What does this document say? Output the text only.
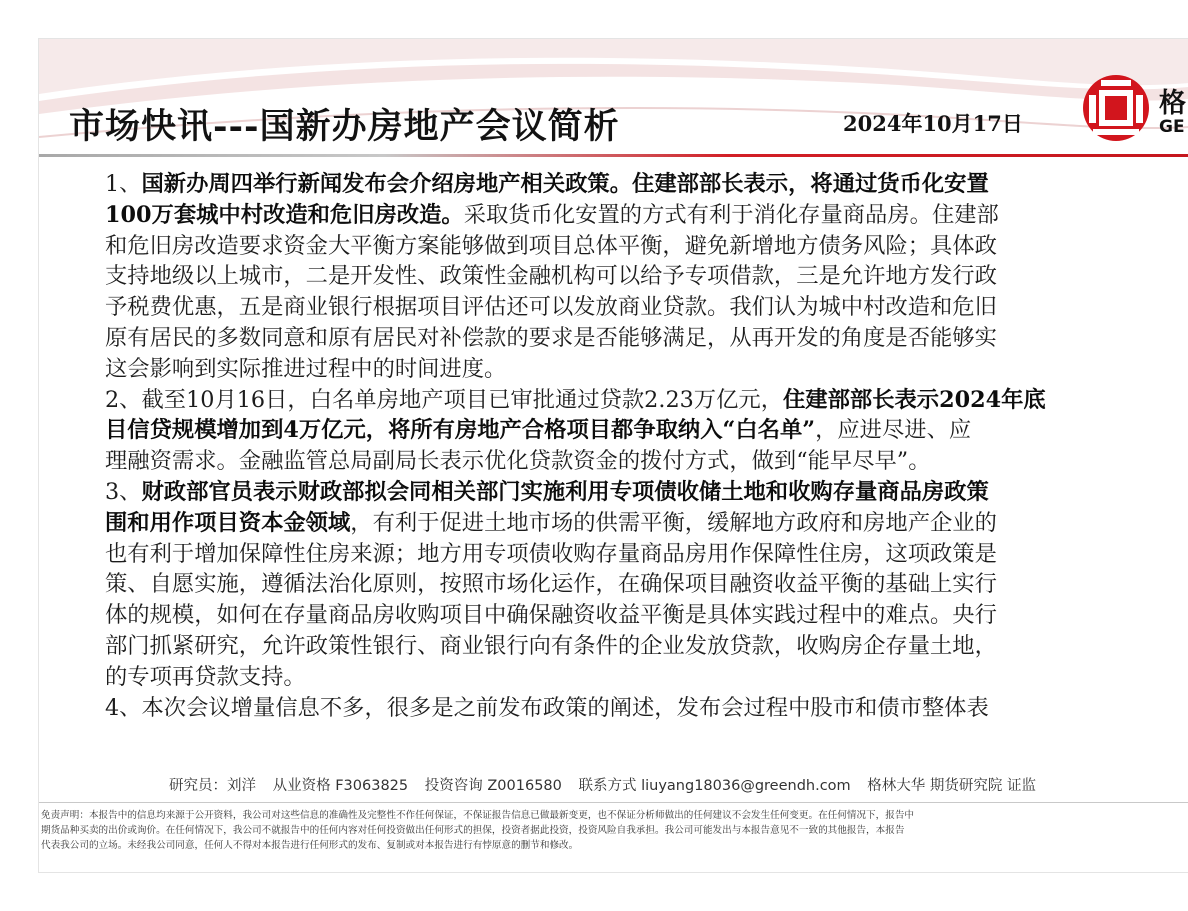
市场快讯---国新办房地产会议简析	2024年10月17日
格
GE

1、国新办周四举行新闻发布会介绍房地产相关政策。住建部部长表示，将通过货币化安置

100万套城中村改造和危旧房改造。采取货币化安置的方式有利于消化存量商品房。住建部

和危旧房改造要求资金大平衡方案能够做到项目总体平衡，避免新增地方债务风险；具体政

支持地级以上城市，二是开发性、政策性金融机构可以给予专项借款，三是允许地方发行政

予税费优惠，五是商业银行根据项目评估还可以发放商业贷款。我们认为城中村改造和危旧

原有居民的多数同意和原有居民对补偿款的要求是否能够满足，从再开发的角度是否能够实

这会影响到实际推进过程中的时间进度。

2、截至10月16日，白名单房地产项目已审批通过贷款2.23万亿元，住建部部长表示2024年底

目信贷规模增加到4万亿元，将所有房地产合格项目都争取纳入“白名单”，应进尽进、应

理融资需求。金融监管总局副局长表示优化贷款资金的拨付方式，做到“能早尽早”。

3、财政部官员表示财政部拟会同相关部门实施利用专项债收储土地和收购存量商品房政策

围和用作项目资本金领域，有利于促进土地市场的供需平衡，缓解地方政府和房地产企业的

也有利于增加保障性住房来源；地方用专项债收购存量商品房用作保障性住房，这项政策是

策、自愿实施，遵循法治化原则，按照市场化运作，在确保项目融资收益平衡的基础上实行

体的规模，如何在存量商品房收购项目中确保融资收益平衡是具体实践过程中的难点。央行

部门抓紧研究，允许政策性银行、商业银行向有条件的企业发放贷款，收购房企存量土地，

的专项再贷款支持。

4、本次会议增量信息不多，很多是之前发布政策的阐述，发布会过程中股市和债市整体表

研究员：刘洋 从业资格 F3063825 投资咨询 Z0016580 联系方式 liuyang18036@greendh.com 格林大华 期货研究院 证监

免责声明：本报告中的信息均来源于公开资料，我公司对这些信息的准确性及完整性不作任何保证，不保证报告信息已做最新变更，也不保证分析师做出的任何建议不会发生任何变更。在任何情况下，报告中

期货品种买卖的出价或询价。在任何情况下，我公司不就报告中的任何内容对任何投资做出任何形式的担保，投资者据此投资，投资风险自我承担。我公司可能发出与本报告意见不一致的其他报告，本报告

代表我公司的立场。未经我公司同意，任何人不得对本报告进行任何形式的发布、复制或对本报告进行有悖原意的删节和修改。
